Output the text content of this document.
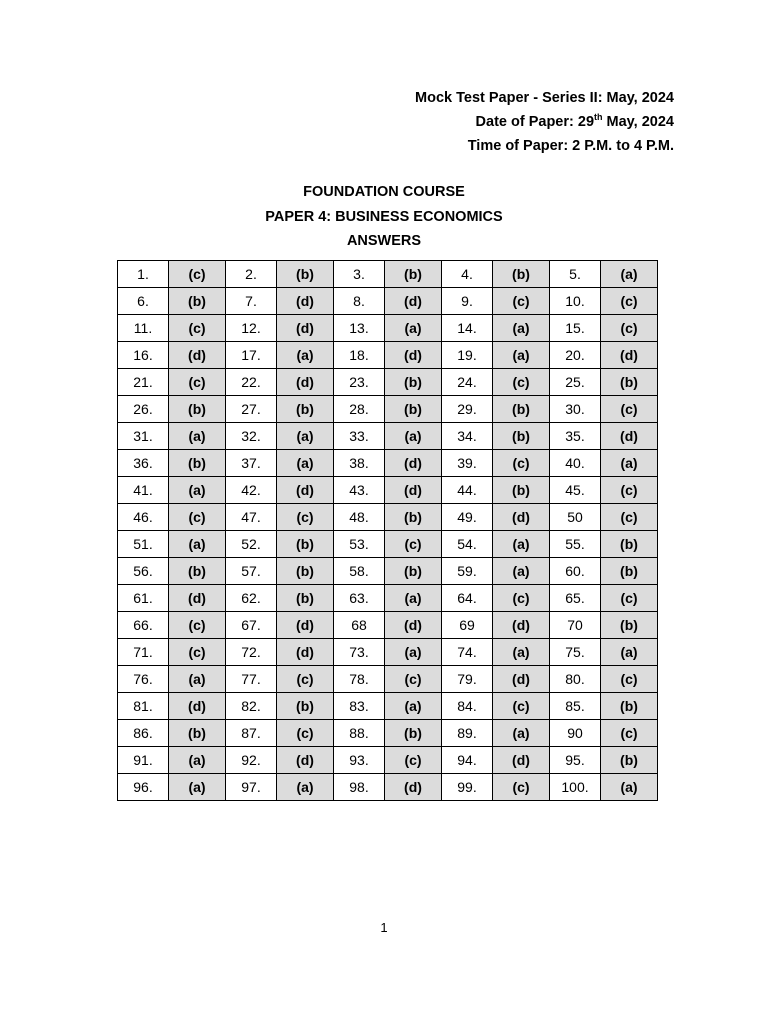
Mock Test Paper - Series II: May, 2024
Date of Paper: 29th May, 2024
Time of Paper: 2 P.M. to 4 P.M.
FOUNDATION COURSE
PAPER 4: BUSINESS ECONOMICS
ANSWERS
1.	(c)	2.	(b)	3.	(b)	4.	(b)	5.	(a)
6.	(b)	7.	(d)	8.	(d)	9.	(c)	10.	(c)
11.	(c)	12.	(d)	13.	(a)	14.	(a)	15.	(c)
16.	(d)	17.	(a)	18.	(d)	19.	(a)	20.	(d)
21.	(c)	22.	(d)	23.	(b)	24.	(c)	25.	(b)
26.	(b)	27.	(b)	28.	(b)	29.	(b)	30.	(c)
31.	(a)	32.	(a)	33.	(a)	34.	(b)	35.	(d)
36.	(b)	37.	(a)	38.	(d)	39.	(c)	40.	(a)
41.	(a)	42.	(d)	43.	(d)	44.	(b)	45.	(c)
46.	(c)	47.	(c)	48.	(b)	49.	(d)	50	(c)
51.	(a)	52.	(b)	53.	(c)	54.	(a)	55.	(b)
56.	(b)	57.	(b)	58.	(b)	59.	(a)	60.	(b)
61.	(d)	62.	(b)	63.	(a)	64.	(c)	65.	(c)
66.	(c)	67.	(d)	68	(d)	69	(d)	70	(b)
71.	(c)	72.	(d)	73.	(a)	74.	(a)	75.	(a)
76.	(a)	77.	(c)	78.	(c)	79.	(d)	80.	(c)
81.	(d)	82.	(b)	83.	(a)	84.	(c)	85.	(b)
86.	(b)	87.	(c)	88.	(b)	89.	(a)	90	(c)
91.	(a)	92.	(d)	93.	(c)	94.	(d)	95.	(b)
96.	(a)	97.	(a)	98.	(d)	99.	(c)	100.	(a)
1
